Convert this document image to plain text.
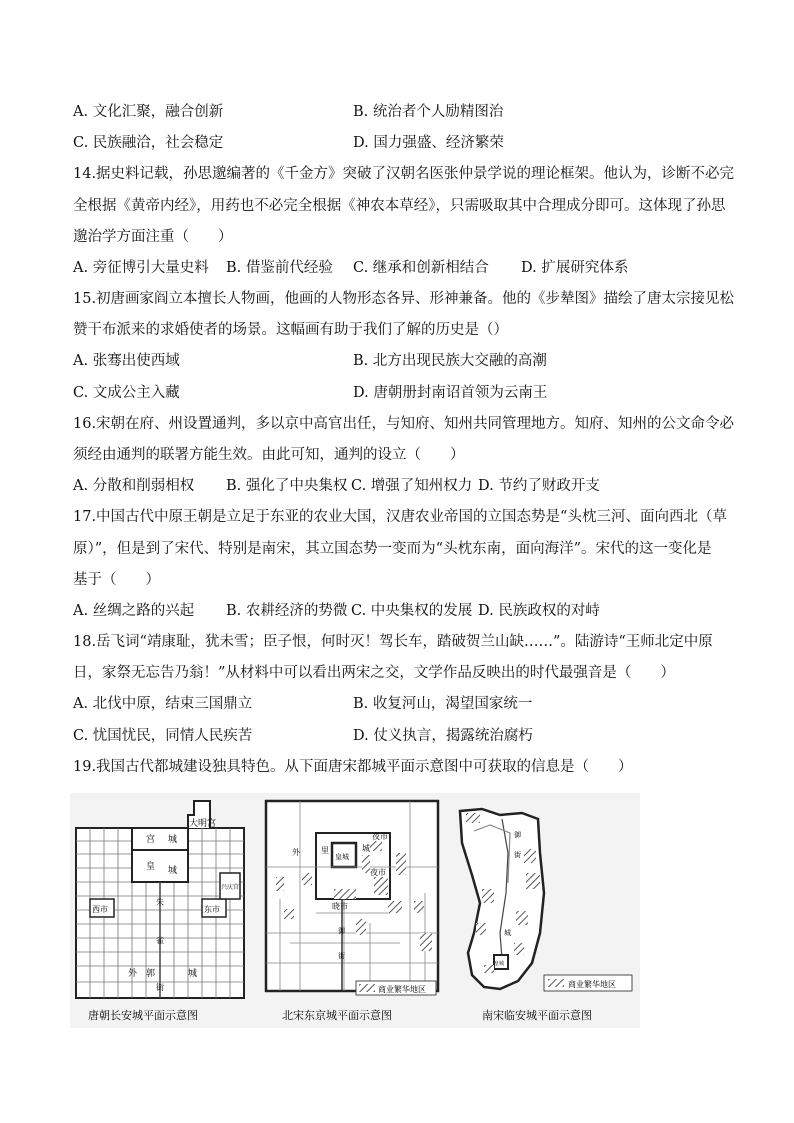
A. 文化汇聚，融合创新	B. 统治者个人励精图治
C. 民族融洽，社会稳定	D. 国力强盛、经济繁荣
14.据史料记载，孙思邈编著的《千金方》突破了汉朝名医张仲景学说的理论框架。他认为，诊断不必完
全根据《黄帝内经》，用药也不必完全根据《神农本草经》，只需吸取其中合理成分即可。这体现了孙思
邈治学方面注重（　　）
A. 旁征博引大量史料 B. 借鉴前代经验 C. 继承和创新相结合 D. 扩展研究体系
15.初唐画家阎立本擅长人物画，他画的人物形态各异、形神兼备。他的《步辇图》描绘了唐太宗接见松
赞干布派来的求婚使者的场景。这幅画有助于我们了解的历史是（）
A. 张骞出使西域	B. 北方出现民族大交融的高潮
C. 文成公主入藏	D. 唐朝册封南诏首领为云南王
16.宋朝在府、州设置通判，多以京中高官出任，与知府、知州共同管理地方。知府、知州的公文命令必
须经由通判的联署方能生效。由此可知，通判的设立（　　）
A. 分散和削弱相权 B. 强化了中央集权 C. 增强了知州权力 D. 节约了财政开支
17.中国古代中原王朝是立足于东亚的农业大国，汉唐农业帝国的立国态势是“头枕三河、面向西北（草
原）”，但是到了宋代、特别是南宋，其立国态势一变而为“头枕东南，面向海洋”。宋代的这一变化是
基于（　　）
A. 丝绸之路的兴起 B. 农耕经济的势微 C. 中央集权的发展 D. 民族政权的对峙
18.岳飞词“靖康耻，犹未雪；臣子恨，何时灭！驾长车，踏破贺兰山缺……”。陆游诗“王师北定中原
日，家祭无忘告乃翁！”从材料中可以看出两宋之交，文学作品反映出的时代最强音是（　　）
A. 北伐中原，结束三国鼎立	B. 收复河山，渴望国家统一
C. 忧国忧民，同情人民疾苦	D. 仗义执言，揭露统治腐朽
19.我国古代都城建设独具特色。从下面唐宋都城平面示意图中可获取的信息是（　　）
大明宫
宫 城
皇 城
西市	东市
兴庆宫
朱
雀
街
外 郭	城
唐朝长安城平面示意图
商业繁华地区
外	里
皇城
城
夜市
夜市
晓市
御
街
北宋东京城平面示意图
商业繁华地区
御
街
城
皇城
南宋临安城平面示意图
